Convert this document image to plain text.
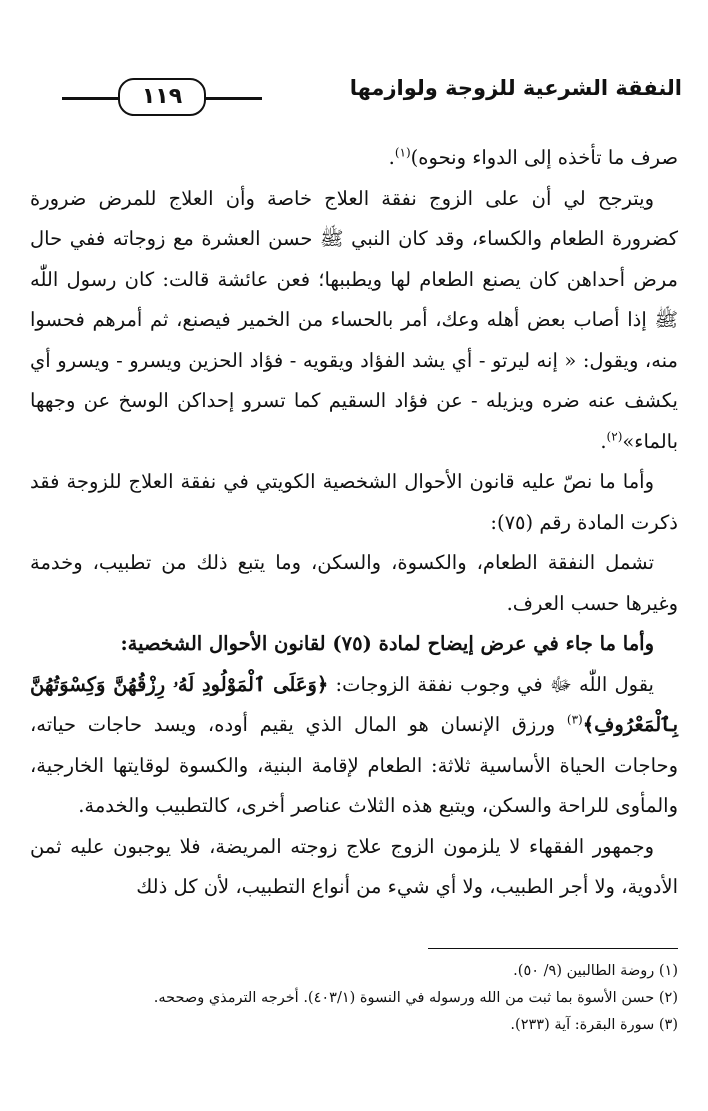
النفقة الشرعية للزوجة ولوازمها
١١٩

صرف ما تأخذه إلى الدواء ونحوه)$^{(١)}$.

ويترجح لي أن على الزوج نفقة العلاج خاصة وأن العلاج للمرض ضرورة كضرورة الطعام والكساء، وقد كان النبي ﷺ حسن العشرة مع زوجاته ففي حال مرض أحداهن كان يصنع الطعام لها ويطببها؛ فعن عائشة قالت: كان رسول اللّٰه ﷺ إذا أصاب بعض أهله وعك، أمر بالحساء من الخمير فيصنع، ثم أمرهم فحسوا منه، ويقول: « إنه ليرتو - أي يشد الفؤاد ويقويه - فؤاد الحزين ويسرو - ويسرو أي يكشف عنه ضره ويزيله - عن فؤاد السقيم كما تسرو إحداكن الوسخ عن وجهها بالماء»$^{(٢)}$.

وأما ما نصّ عليه قانون الأحوال الشخصية الكويتي في نفقة العلاج للزوجة فقد ذكرت المادة رقم (٧٥):

تشمل النفقة الطعام، والكسوة، والسكن، وما يتبع ذلك من تطبيب، وخدمة وغيرها حسب العرف.

وأما ما جاء في عرض إيضاح لمادة (٧٥) لقانون الأحوال الشخصية:

يقول اللّٰه ﷻ في وجوب نفقة الزوجات: ﴿وَعَلَى ٱلْمَوْلُودِ لَهُۥ رِزْقُهُنَّ وَكِسْوَتُهُنَّ بِٱلْمَعْرُوفِ﴾$^{(٣)}$ ورزق الإنسان هو المال الذي يقيم أوده، ويسد حاجات حياته، وحاجات الحياة الأساسية ثلاثة: الطعام لإقامة البنية، والكسوة لوقايتها الخارجية، والمأوى للراحة والسكن، ويتبع هذه الثلاث عناصر أخرى، كالتطبيب والخدمة.

وجمهور الفقهاء لا يلزمون الزوج علاج زوجته المريضة، فلا يوجبون عليه ثمن الأدوية، ولا أجر الطبيب، ولا أي شيء من أنواع التطبيب، لأن كل ذلك

(١) روضة الطالبين (٩/ ٥٠).
(٢) حسن الأسوة بما ثبت من الله ورسوله في النسوة (٤٠٣/١). أخرجه الترمذي وصححه.
(٣) سورة البقرة: آية (٢٣٣).
